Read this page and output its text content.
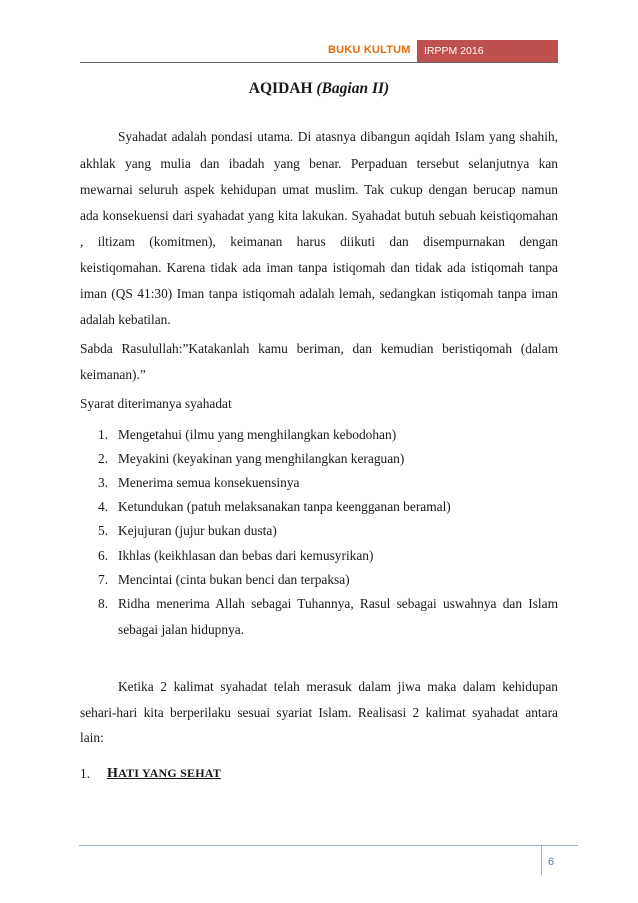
BUKU KULTUM IRPPM 2016
AQIDAH (Bagian II)
Syahadat adalah pondasi utama. Di atasnya dibangun aqidah Islam yang shahih,
akhlak yang mulia dan ibadah yang benar. Perpaduan tersebut selanjutnya kan
mewarnai seluruh aspek kehidupan umat muslim. Tak cukup dengan berucap namun
ada konsekuensi dari syahadat yang kita lakukan. Syahadat butuh sebuah keistiqomahan
, iltizam (komitmen), keimanan harus diikuti dan disempurnakan dengan
keistiqomahan. Karena tidak ada iman tanpa istiqomah dan tidak ada istiqomah tanpa
iman (QS 41:30) Iman tanpa istiqomah adalah lemah, sedangkan istiqomah tanpa iman
adalah kebatilan.
Sabda Rasulullah:”Katakanlah kamu beriman, dan kemudian beristiqomah (dalam
keimanan).”
Syarat diterimanya syahadat
1. Mengetahui (ilmu yang menghilangkan kebodohan)
2. Meyakini (keyakinan yang menghilangkan keraguan)
3. Menerima semua konsekuensinya
4. Ketundukan (patuh melaksanakan tanpa keengganan beramal)
5. Kejujuran (jujur bukan dusta)
6. Ikhlas (keikhlasan dan bebas dari kemusyrikan)
7. Mencintai (cinta bukan benci dan terpaksa)
8. Ridha menerima Allah sebagai Tuhannya, Rasul sebagai uswahnya dan Islam
sebagai jalan hidupnya.
Ketika 2 kalimat syahadat telah merasuk dalam jiwa maka dalam kehidupan
sehari-hari kita berperilaku sesuai syariat Islam. Realisasi 2 kalimat syahadat antara
lain:
1. HATI YANG SEHAT
6
